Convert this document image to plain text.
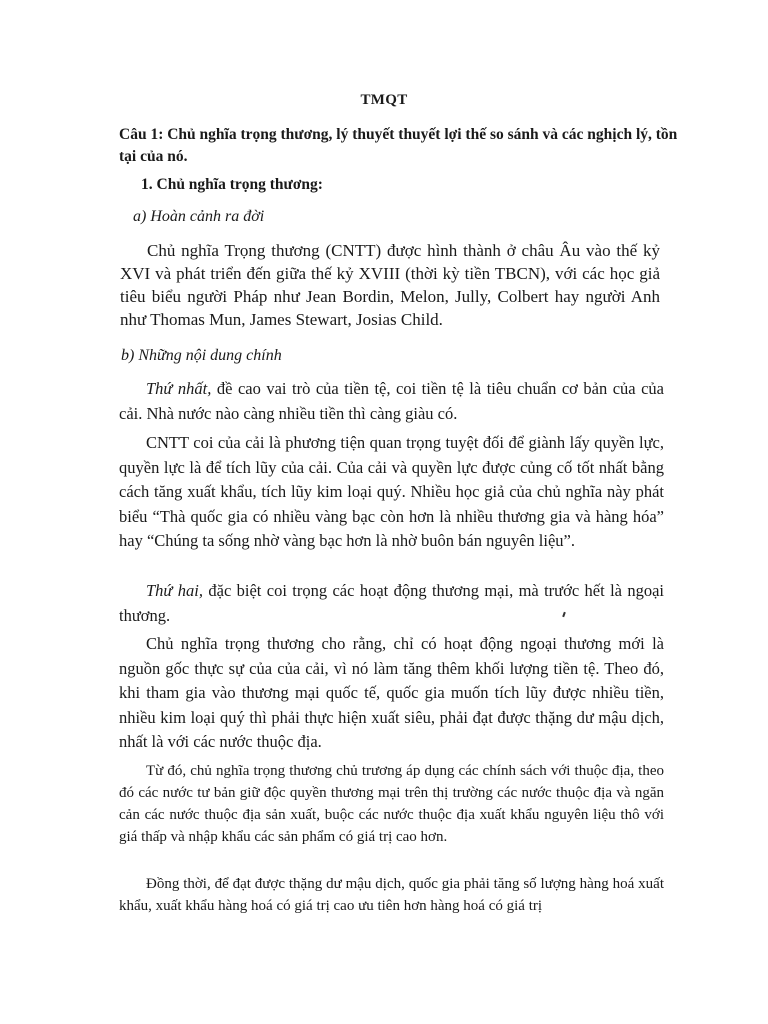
TMQT
Câu 1: Chủ nghĩa trọng thương, lý thuyết thuyết lợi thế so sánh và các nghịch lý, tồn tại của nó.
1. Chủ nghĩa trọng thương:
a) Hoàn cảnh ra đời
Chủ nghĩa Trọng thương (CNTT) được hình thành ở châu Âu vào thế kỷ XVI và phát triển đến giữa thế kỷ XVIII (thời kỳ tiền TBCN), với các học giả tiêu biểu người Pháp như Jean Bordin, Melon, Jully, Colbert hay người Anh như Thomas Mun, James Stewart, Josias Child.
b) Những nội dung chính
Thứ nhất, đề cao vai trò của tiền tệ, coi tiền tệ là tiêu chuẩn cơ bản của của cải. Nhà nước nào càng nhiều tiền thì càng giàu có.
CNTT coi của cải là phương tiện quan trọng tuyệt đối để giành lấy quyền lực, quyền lực là để tích lũy của cải. Của cải và quyền lực được củng cố tốt nhất bằng cách tăng xuất khẩu, tích lũy kim loại quý. Nhiều học giả của chủ nghĩa này phát biểu “Thà quốc gia có nhiều vàng bạc còn hơn là nhiều thương gia và hàng hóa” hay “Chúng ta sống nhờ vàng bạc hơn là nhờ buôn bán nguyên liệu”.
Thứ hai, đặc biệt coi trọng các hoạt động thương mại, mà trước hết là ngoại thương.
Chủ nghĩa trọng thương cho rằng, chỉ có hoạt động ngoại thương mới là nguồn gốc thực sự của của cải, vì nó làm tăng thêm khối lượng tiền tệ. Theo đó, khi tham gia vào thương mại quốc tế, quốc gia muốn tích lũy được nhiều tiền, nhiều kim loại quý thì phải thực hiện xuất siêu, phải đạt được thặng dư mậu dịch, nhất là với các nước thuộc địa.
Từ đó, chủ nghĩa trọng thương chủ trương áp dụng các chính sách với thuộc địa, theo đó các nước tư bản giữ độc quyền thương mại trên thị trường các nước thuộc địa và ngăn cản các nước thuộc địa sản xuất, buộc các nước thuộc địa xuất khẩu nguyên liệu thô với giá thấp và nhập khẩu các sản phẩm có giá trị cao hơn.
Đồng thời, để đạt được thặng dư mậu dịch, quốc gia phải tăng số lượng hàng hoá xuất khẩu, xuất khẩu hàng hoá có giá trị cao ưu tiên hơn hàng hoá có giá trị
